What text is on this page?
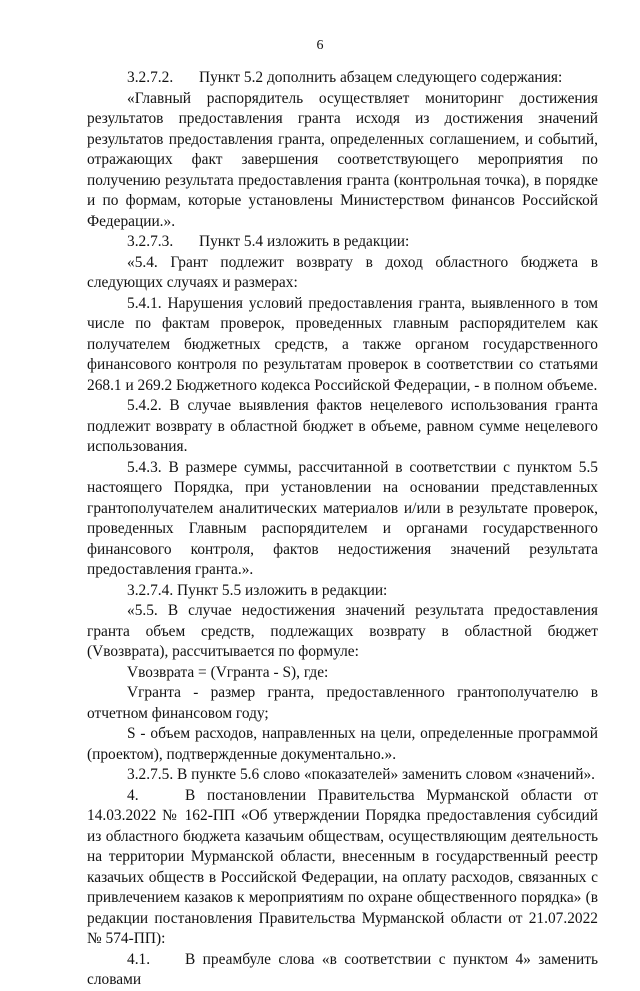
6

3.2.7.2. Пункт 5.2 дополнить абзацем следующего содержания:

«Главный распорядитель осуществляет мониторинг достижения результатов предоставления гранта исходя из достижения значений результатов предоставления гранта, определенных соглашением, и событий, отражающих факт завершения соответствующего мероприятия по получению результата предоставления гранта (контрольная точка), в порядке и по формам, которые установлены Министерством финансов Российской Федерации.».

3.2.7.3. Пункт 5.4 изложить в редакции:

«5.4. Грант подлежит возврату в доход областного бюджета в следующих случаях и размерах:

5.4.1. Нарушения условий предоставления гранта, выявленного в том числе по фактам проверок, проведенных главным распорядителем как получателем бюджетных средств, а также органом государственного финансового контроля по результатам проверок в соответствии со статьями 268.1 и 269.2 Бюджетного кодекса Российской Федерации, - в полном объеме.

5.4.2. В случае выявления фактов нецелевого использования гранта подлежит возврату в областной бюджет в объеме, равном сумме нецелевого использования.

5.4.3. В размере суммы, рассчитанной в соответствии с пунктом 5.5 настоящего Порядка, при установлении на основании представленных грантополучателем аналитических материалов и/или в результате проверок, проведенных Главным распорядителем и органами государственного финансового контроля, фактов недостижения значений результата предоставления гранта.».

3.2.7.4. Пункт 5.5 изложить в редакции:

«5.5. В случае недостижения значений результата предоставления гранта объем средств, подлежащих возврату в областной бюджет (Vвозврата), рассчитывается по формуле:

Vвозврата = (Vгранта - S), где:

Vгранта - размер гранта, предоставленного грантополучателю в отчетном финансовом году;

S - объем расходов, направленных на цели, определенные программой (проектом), подтвержденные документально.».

3.2.7.5. В пункте 5.6 слово «показателей» заменить словом «значений».

4.	В постановлении Правительства Мурманской области от 14.03.2022 № 162-ПП «Об утверждении Порядка предоставления субсидий из областного бюджета казачьим обществам, осуществляющим деятельность на территории Мурманской области, внесенным в государственный реестр казачьих обществ в Российской Федерации, на оплату расходов, связанных с привлечением казаков к мероприятиям по охране общественного порядка» (в редакции постановления Правительства Мурманской области от 21.07.2022 № 574-ПП):

4.1. В преамбуле слова «в соответствии с пунктом 4» заменить словами
